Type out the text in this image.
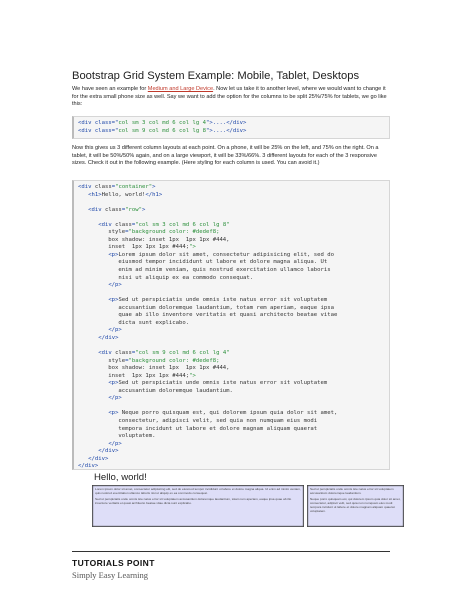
Bootstrap Grid System Example: Mobile, Tablet, Desktops
We have seen an example for Medium and Large Device. Now let us take it to another level, where we would want to change it for the extra small phone size as well. Say we want to add the option for the columns to be split 25%/75% for tablets, we go like this:
<div class="col sm 3 col md 6 col lg 4">....</div>
<div class="col sm 9 col md 6 col lg 8">....</div>
Now this gives us 3 different column layouts at each point. On a phone, it will be 25% on the left, and 75% on the right. On a tablet, it will be 50%/50% again, and on a large viewport, it will be 33%/66%. 3 different layouts for each of the 3 responsive sizes. Check it out in the following example. (Here styling for each column is used. You can avoid it.)
<div class="container">
<h1>Hello, world!</h1>

<div class="row">

<div class="col sm 3 col md 6 col lg 8"
style="background color: #dedef8;
box shadow: inset 1px  1px 1px #444,
inset  1px 1px 1px #444;">
<p>Lorem ipsum dolor sit amet, consectetur adipisicing elit, sed do
eiusmod tempor incididunt ut labore et dolore magna aliqua. Ut
enim ad minim veniam, quis nostrud exercitation ullamco laboris
nisi ut aliquip ex ea commodo consequat.
</p>

<p>Sed ut perspiciatis unde omnis iste natus error sit voluptatem
accusantium doloremque laudantium, totam rem aperiam, eaque ipsa
quae ab illo inventore veritatis et quasi architecto beatae vitae
dicta sunt explicabo.
</p>
</div>

<div class="col sm 9 col md 6 col lg 4"
style="background color: #dedef8;
box shadow: inset 1px  1px 1px #444,
inset  1px 1px 1px #444;">
<p>Sed ut perspiciatis unde omnis iste natus error sit voluptatem
accusantium doloremque laudantium.
</p>

<p> Neque porro quisquam est, qui dolorem ipsum quia dolor sit amet,
consectetur, adipisci velit, sed quia non numquam eius modi
tempora incidunt ut labore et dolore magnam aliquam quaerat
voluptatem.
</p>
</div>
</div>
</div>
Hello, world!

Lorem ipsum dolor sit amet, consectetur adipisicing elit, sed do eiusmod tempor incididunt ut labore et dolore magna aliqua. Ut enim ad minim veniam, quis nostrud exercitation ullamco laboris nisi ut aliquip ex ea commodo consequat.

Sed ut perspiciatis unde omnis iste natus error sit voluptatem accusantium doloremque laudantium, totam rem aperiam, eaque ipsa quae ab illo inventore veritatis et quasi architecto beatae vitae dicta sunt explicabo.

Sed ut perspiciatis unde omnis iste natus error sit voluptatem accusantium doloremque laudantium.

Neque porro quisquam est, qui dolorem ipsum quia dolor sit amet, consectetur, adipisci velit, sed quia non numquam eius modi tempora incidunt ut labore et dolore magnam aliquam quaerat voluptatem.

TUTORIALS POINT
Simply Easy Learning
